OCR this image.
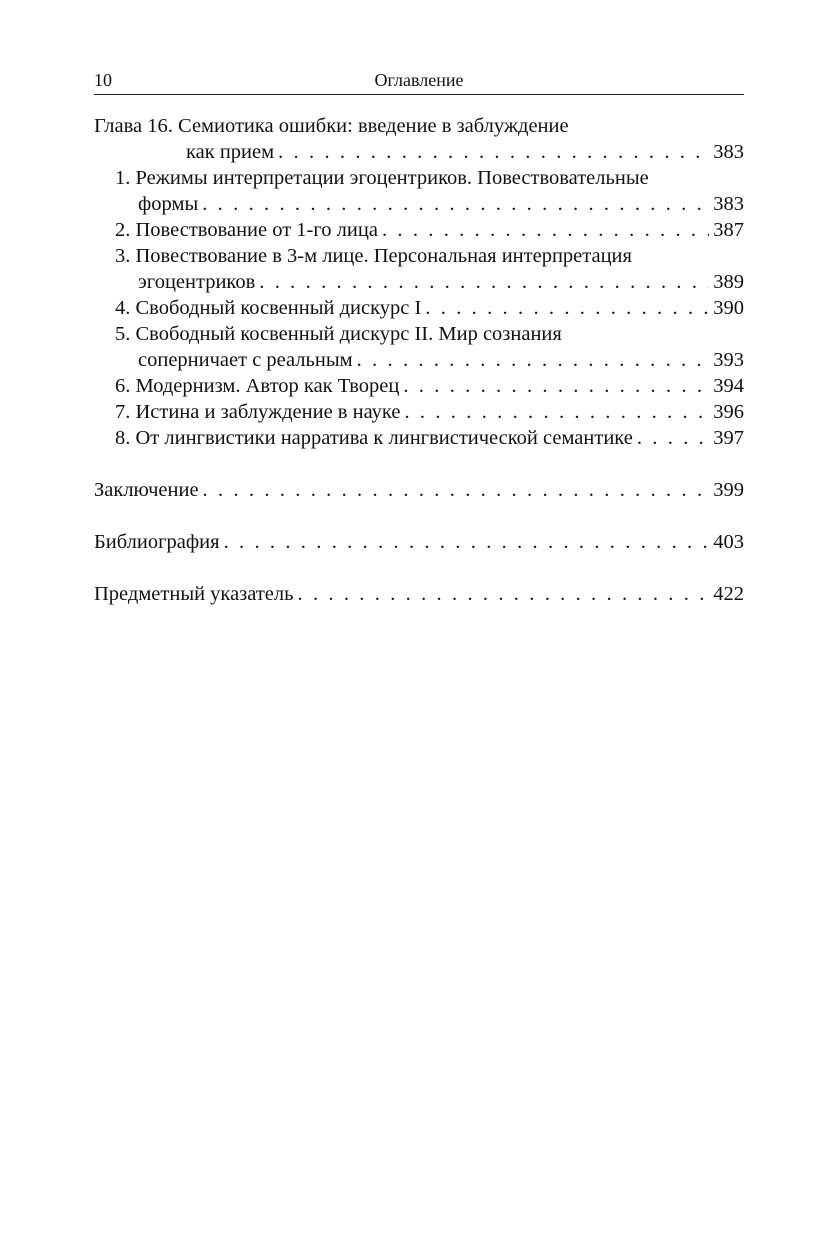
10	Оглавление
Глава 16. Семиотика ошибки: введение в заблуждение
как прием . . .	383
1. Режимы интерпретации эгоцентриков. Повествовательные
формы . . .	383
2. Повествование от 1-го лица . . .	387
3. Повествование в 3-м лице. Персональная интерпретация
эгоцентриков . . .	389
4. Свободный косвенный дискурс I . . .	390
5. Свободный косвенный дискурс II. Мир сознания
соперничает с реальным . . .	393
6. Модернизм. Автор как Творец . . .	394
7. Истина и заблуждение в науке . . .	396
8. От лингвистики нарратива к лингвистической семантике . . .	397
Заключение . . .	399
Библиография . . .	403
Предметный указатель . . .	422
